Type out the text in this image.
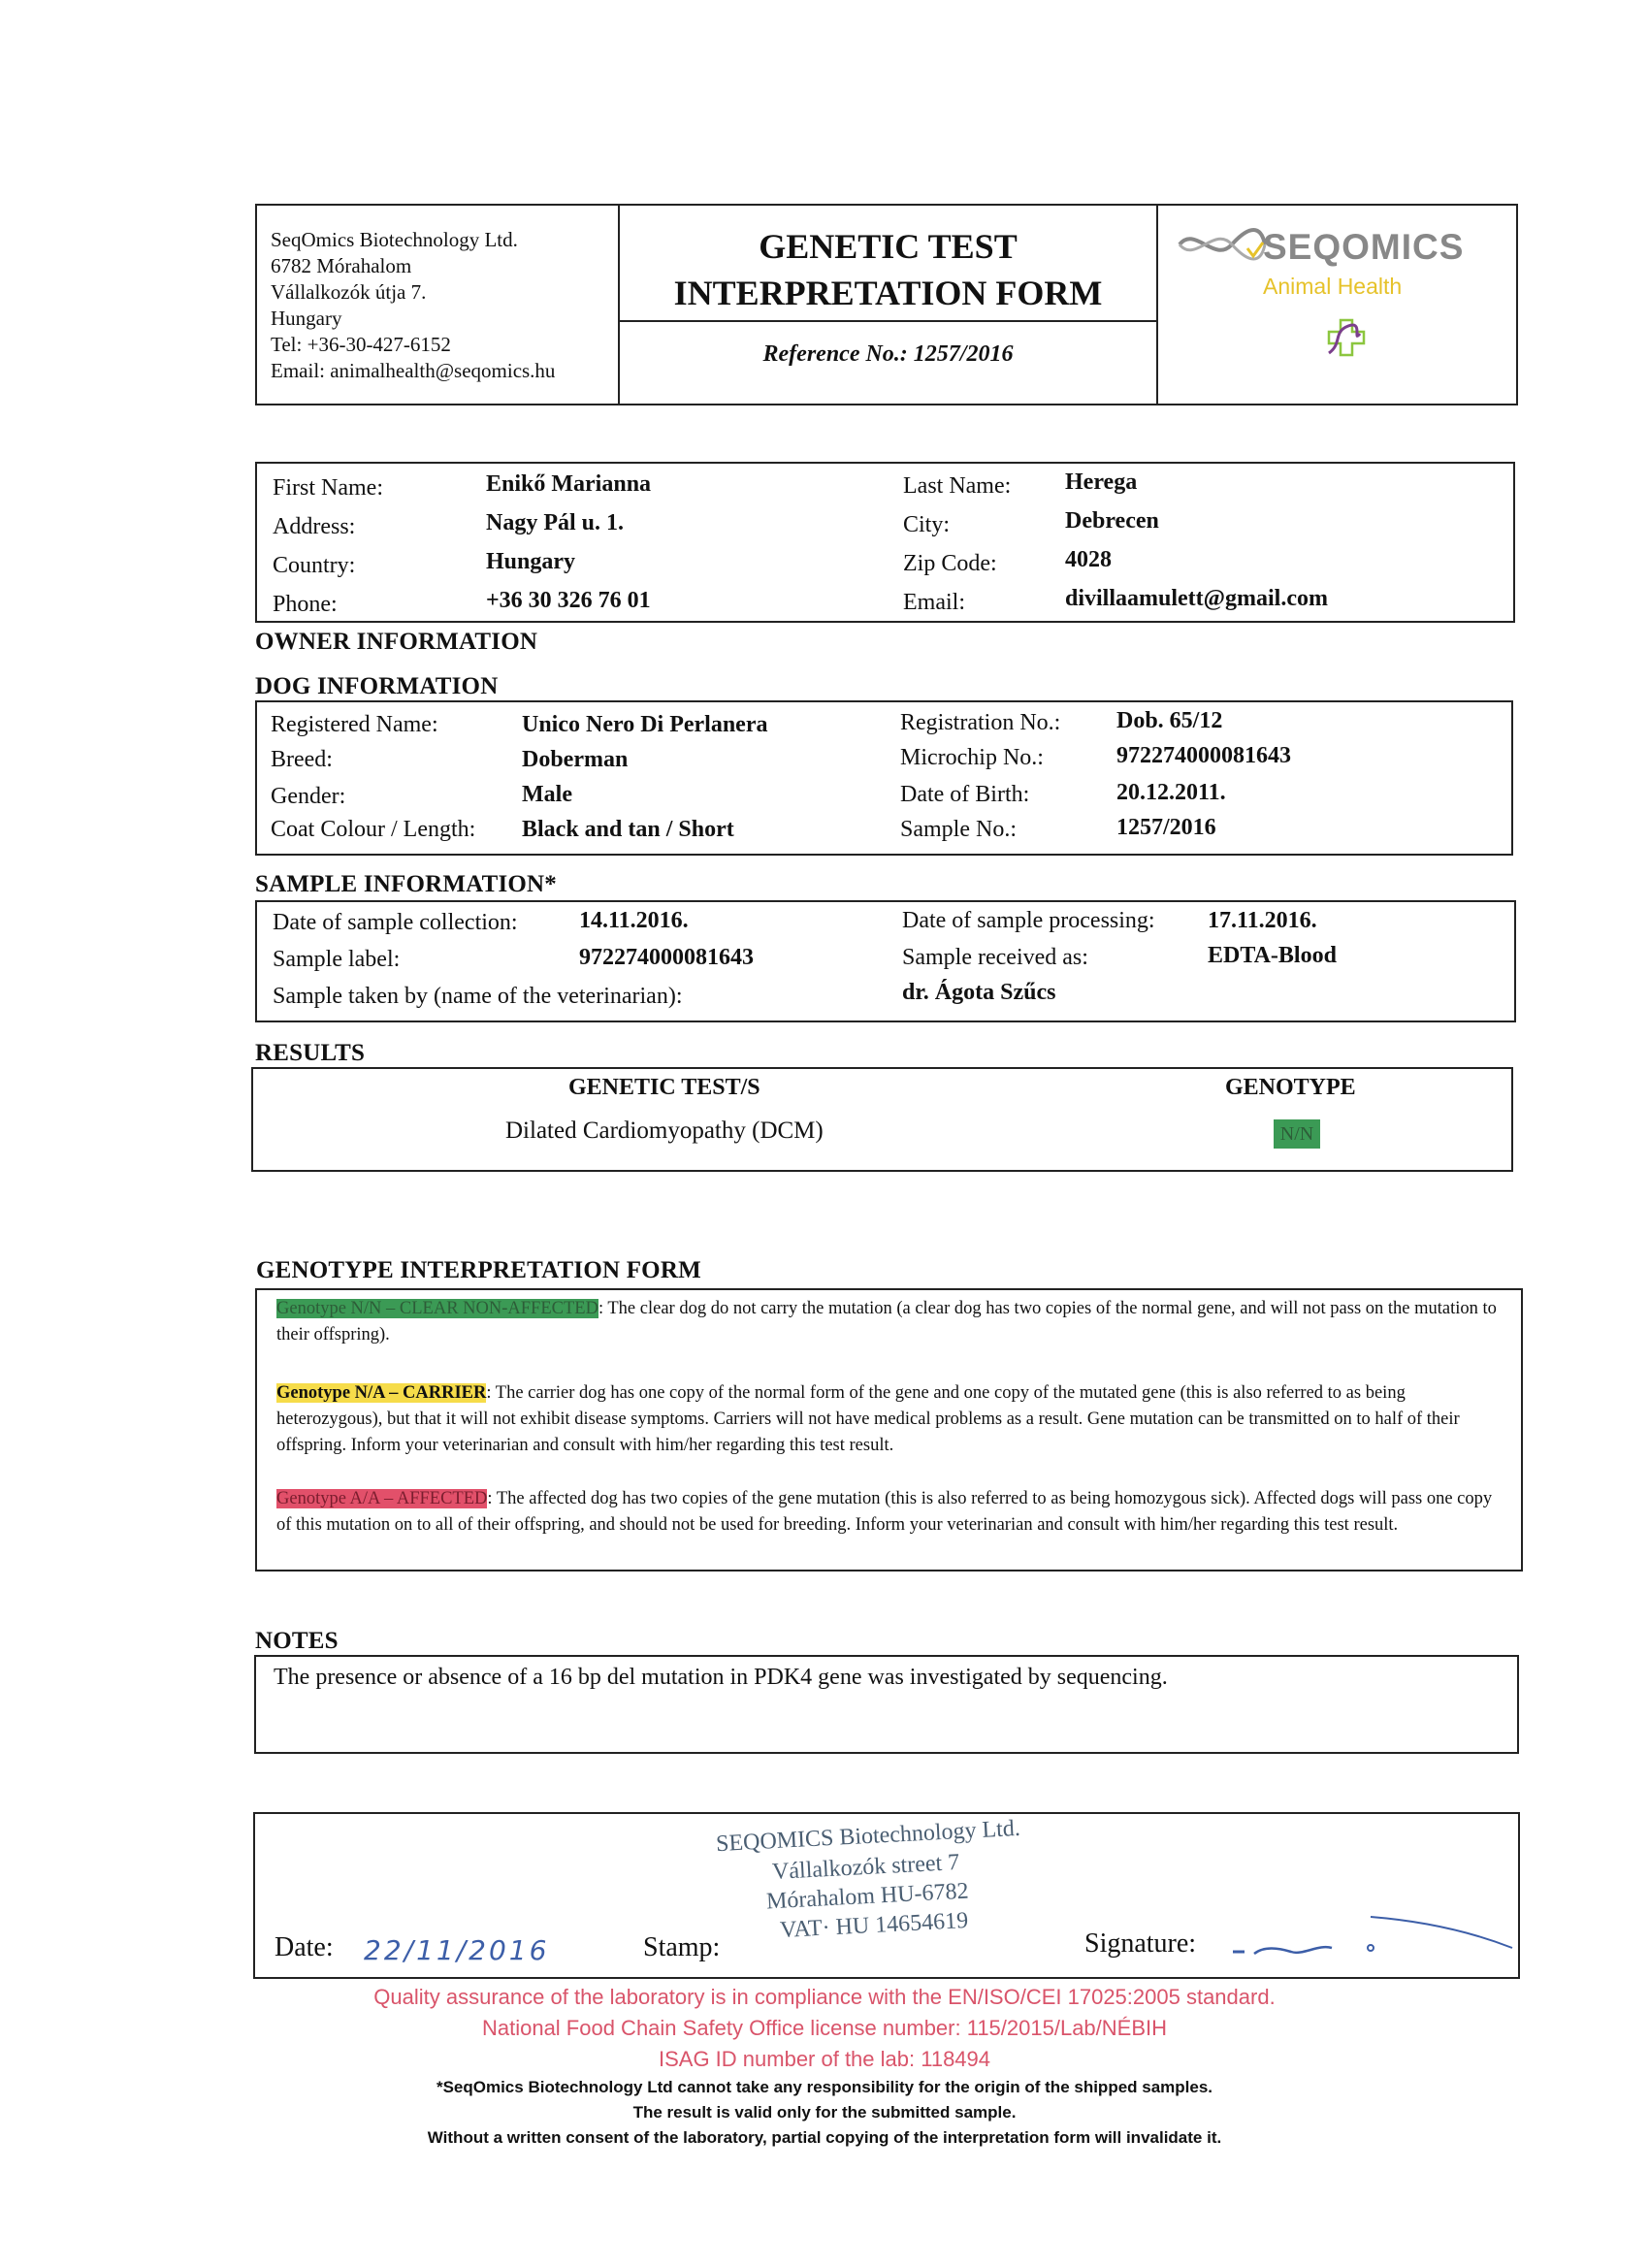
SeqOmics Biotechnology Ltd.
6782 Mórahalom
Vállalkozók útja 7.
Hungary
Tel: +36-30-427-6152
Email: animalhealth@seqomics.hu
GENETIC TEST
INTERPRETATION FORM
Reference No.: 1257/2016
SEQOMICS
Animal Health
First Name:	Enikő Marianna	Last Name: Herega
Address:	Nagy Pál u. 1.	City:	Debrecen
Country:	Hungary	Zip Code:	4028
Phone:	+36 30 326 76 01	Email:	divillaamulett@gmail.com
OWNER INFORMATION
DOG INFORMATION
Registered Name:	Unico Nero Di Perlanera	Registration No.: Dob. 65/12
Breed:	Doberman	Microchip No.:	972274000081643
Gender:	Male	Date of Birth:	20.12.2011.
Coat Colour / Length: Black and tan / Short	Sample No.:	1257/2016
SAMPLE INFORMATION*
Date of sample collection:	14.11.2016.	Date of sample processing: 17.11.2016.
Sample label:	972274000081643	Sample received as:	EDTA-Blood
Sample taken by (name of the veterinarian):	dr. Ágota Szűcs
RESULTS
GENETIC TEST/S	GENOTYPE
Dilated Cardiomyopathy (DCM)	N/N
GENOTYPE INTERPRETATION FORM
Genotype N/N – CLEAR NON-AFFECTED: The clear dog do not carry the mutation (a clear dog has two copies of the normal gene, and will not pass on the mutation to their offspring).
Genotype N/A – CARRIER: The carrier dog has one copy of the normal form of the gene and one copy of the mutated gene (this is also referred to as being heterozygous), but that it will not exhibit disease symptoms. Carriers will not have medical problems as a result. Gene mutation can be transmitted on to half of their offspring. Inform your veterinarian and consult with him/her regarding this test result.
Genotype A/A – AFFECTED: The affected dog has two copies of the gene mutation (this is also referred to as being homozygous sick). Affected dogs will pass one copy of this mutation on to all of their offspring, and should not be used for breeding. Inform your veterinarian and consult with him/her regarding this test result.
NOTES
The presence or absence of a 16 bp del mutation in PDK4 gene was investigated by sequencing.
Date: 22/11/2016	Stamp:	Signature:
SEQOMICS Biotechnology Ltd.
Vállalkozók street 7
Mórahalom HU-6782
VAT· HU 14654619
Quality assurance of the laboratory is in compliance with the EN/ISO/CEI 17025:2005 standard.
National Food Chain Safety Office license number: 115/2015/Lab/NÉBIH
ISAG ID number of the lab: 118494
*SeqOmics Biotechnology Ltd cannot take any responsibility for the origin of the shipped samples.
The result is valid only for the submitted sample.
Without a written consent of the laboratory, partial copying of the interpretation form will invalidate it.
